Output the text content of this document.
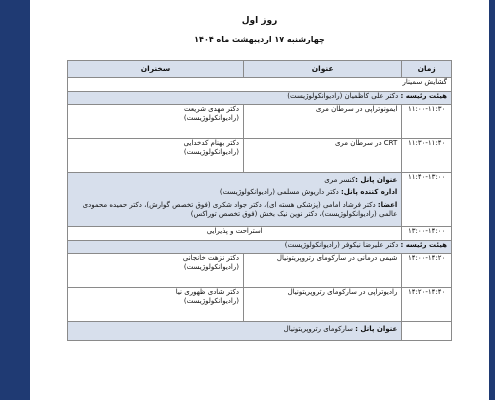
روز اول
چهارشنبه ۱۷ اردیبهشت ماه ۱۴۰۴
زمان	عنوان	سخنران
گشایش سمینار		
هیئت رئیسه : دکتر علی کاظمیان (رادیوانکولوژیست)		
۱۱:۰۰-۱۱:۳۰	ایمونوتراپی در سرطان مری	دکتر مهدی شریعت
(رادیوانکولوژیست)

۱۱:۳۰-۱۱:۴۰	CRT در سرطان مری	دکتر بهنام کدخدایی
(رادیوانکولوژیست)

۱۱:۴۰-۱۳:۰۰	عنوان پانل :کنسر مری

اداره کننده پانل: دکتر داریوش مسلمی (رادیوانکولوژیست)

اعضا: دکتر فرشاد امامی (پزشکی هسته ای)، دکتر جواد شکری (فوق تخصص گوارش)، دکتر حمیده محمودی عالمی (رادیوانکولوژیست)، دکتر نوین نیک بخش (فوق تخصص توراکس)	

۱۳:۰۰-۱۴:۰۰	استراحت و پذیرایی	
هیئت رئیسه : دکتر علیرضا نیکوفر (رادیوانکولوژیست)		
۱۴:۰۰-۱۴:۲۰	شیمی درمانی در سارکومای رتروپریتونیال	دکتر نزهت خانجانی
(رادیوانکولوژیست)

۱۴:۲۰-۱۴:۴۰	رادیوتراپی در سارکومای رتروپریتونیال	دکتر شادی ظهوری نیا
(رادیوانکولوژیست)

	عنوان پانل : سارکومای رتروپریتونیال	
